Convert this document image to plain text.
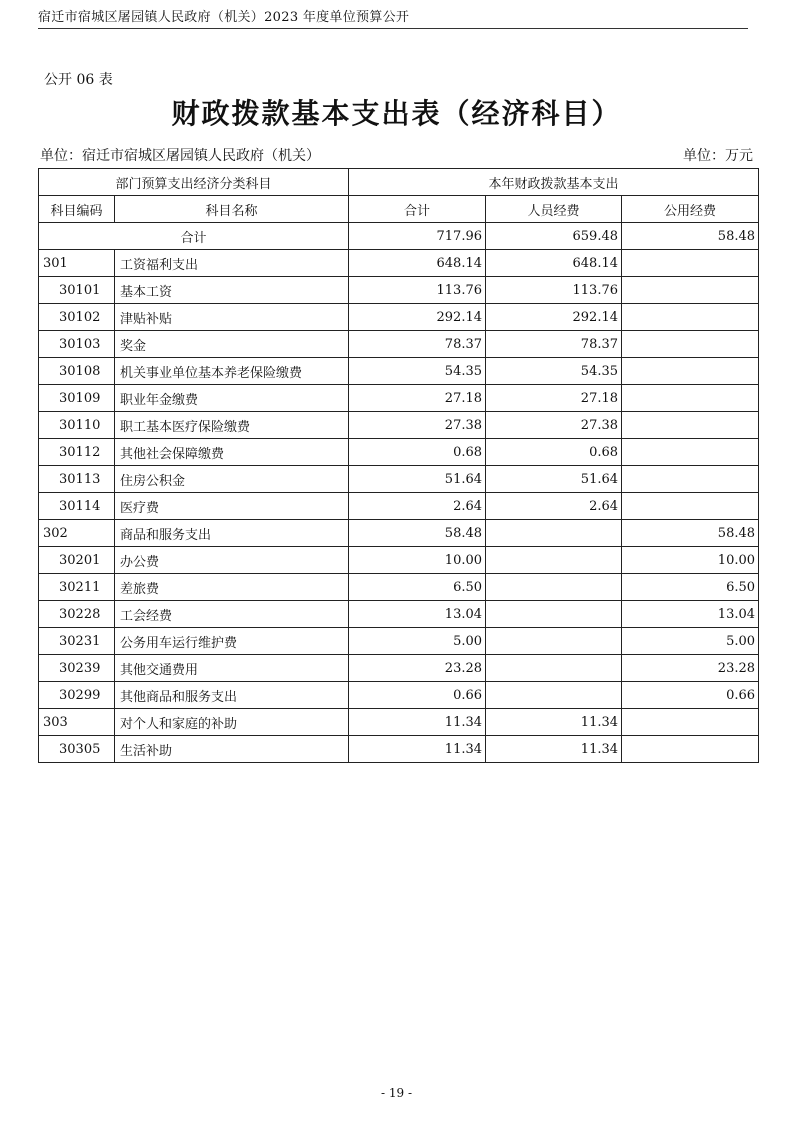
宿迁市宿城区屠园镇人民政府（机关）2023 年度单位预算公开
公开 06 表
财政拨款基本支出表（经济科目）
单位：宿迁市宿城区屠园镇人民政府（机关）	单位：万元
部门预算支出经济分类科目		本年财政拨款基本支出		
科目编码	科目名称	合计	人员经费	公用经费
合计		717.96	659.48	58.48
301	工资福利支出	648.14	648.14	
30101	基本工资	113.76	113.76	
30102	津贴补贴	292.14	292.14	
30103	奖金	78.37	78.37	
30108	机关事业单位基本养老保险缴费	54.35	54.35	
30109	职业年金缴费	27.18	27.18	
30110	职工基本医疗保险缴费	27.38	27.38	
30112	其他社会保障缴费	0.68	0.68	
30113	住房公积金	51.64	51.64	
30114	医疗费	2.64	2.64	
302	商品和服务支出	58.48		58.48
30201	办公费	10.00		10.00
30211	差旅费	6.50		6.50
30228	工会经费	13.04		13.04
30231	公务用车运行维护费	5.00		5.00
30239	其他交通费用	23.28		23.28
30299	其他商品和服务支出	0.66		0.66
303	对个人和家庭的补助	11.34	11.34	
30305	生活补助	11.34	11.34	
- 19 -
